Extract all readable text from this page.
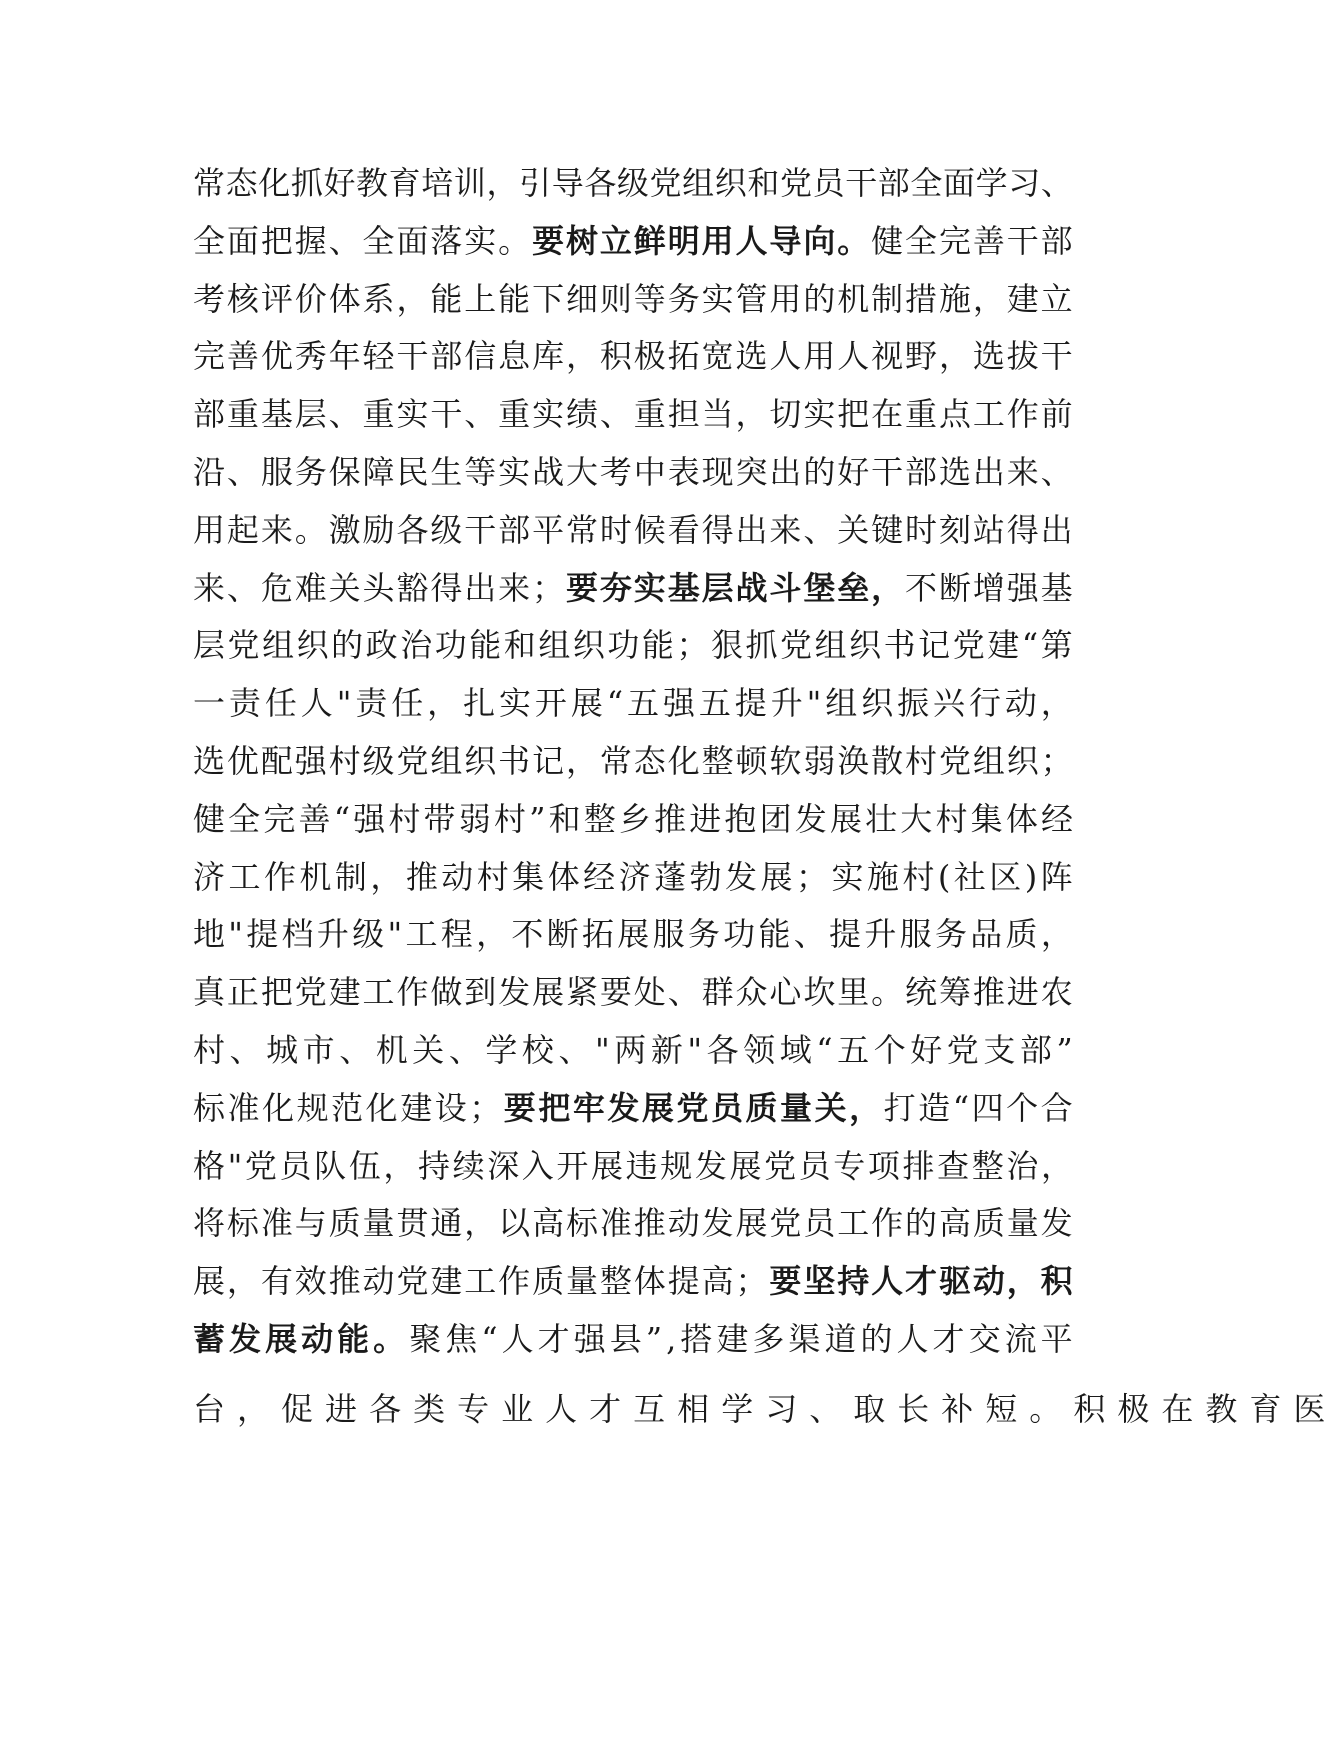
常 态 化 抓 好 教 育 培 训 ， 引 导 各 级 党 组 织 和 党 员 干 部 全 面 学 习 、
全 面 把 握 、 全 面 落 实 。 要 树 立 鲜 明 用 人 导 向 。 健 全 完 善 干 部
考 核 评 价 体 系 ， 能 上 能 下 细 则 等 务 实 管 用 的 机 制 措 施 ， 建 立
完 善 优 秀 年 轻 干 部 信 息 库 ， 积 极 拓 宽 选 人 用 人 视 野 ， 选 拔 干
部 重 基 层 、 重 实 干 、 重 实 绩 、 重 担 当 ， 切 实 把 在 重 点 工 作 前
沿 、 服 务 保 障 民 生 等 实 战 大 考 中 表 现 突 出 的 好 干 部 选 出 来 、
用 起 来 。 激 励 各 级 干 部 平 常 时 候 看 得 出 来 、 关 键 时 刻 站 得 出
来 、 危 难 关 头 豁 得 出 来 ； 要 夯 实 基 层 战 斗 堡 垒 ， 不 断 增 强 基
层 党 组 织 的 政 治 功 能 和 组 织 功 能 ； 狠 抓 党 组 织 书 记 党 建 “ 第
一 责 任 人 " 责 任 ， 扎 实 开 展 “ 五 强 五 提 升 " 组 织 振 兴 行 动 ，
选 优 配 强 村 级 党 组 织 书 记 ， 常 态 化 整 顿 软 弱 涣 散 村 党 组 织 ；
健 全 完 善 “ 强 村 带 弱 村 ” 和 整 乡 推 进 抱 团 发 展 壮 大 村 集 体 经
济 工 作 机 制 ， 推 动 村 集 体 经 济 蓬 勃 发 展 ； 实 施 村 ( 社 区 ) 阵
地 " 提 档 升 级 " 工 程 ， 不 断 拓 展 服 务 功 能 、 提 升 服 务 品 质 ，
真 正 把 党 建 工 作 做 到 发 展 紧 要 处 、 群 众 心 坎 里 。 统 筹 推 进 农
村 、 城 市 、 机 关 、 学 校 、 " 两 新 " 各 领 域 “ 五 个 好 党 支 部 ”
标 准 化 规 范 化 建 设 ； 要 把 牢 发 展 党 员 质 量 关 ， 打 造 “ 四 个 合
格 " 党 员 队 伍 ， 持 续 深 入 开 展 违 规 发 展 党 员 专 项 排 查 整 治 ，
将 标 准 与 质 量 贯 通 ， 以 高 标 准 推 动 发 展 党 员 工 作 的 高 质 量 发
展 ， 有 效 推 动 党 建 工 作 质 量 整 体 提 高 ； 要 坚 持 人 才 驱 动 ， 积
蓄 发 展 动 能 。 聚 焦 “ 人 才 强 县 ” , 搭 建 多 渠 道 的 人 才 交 流 平
台 ， 促 进 各 类 专 业 人 才 互 相 学 习 、 取 长 补 短 。 积 极 在 教 育 医
